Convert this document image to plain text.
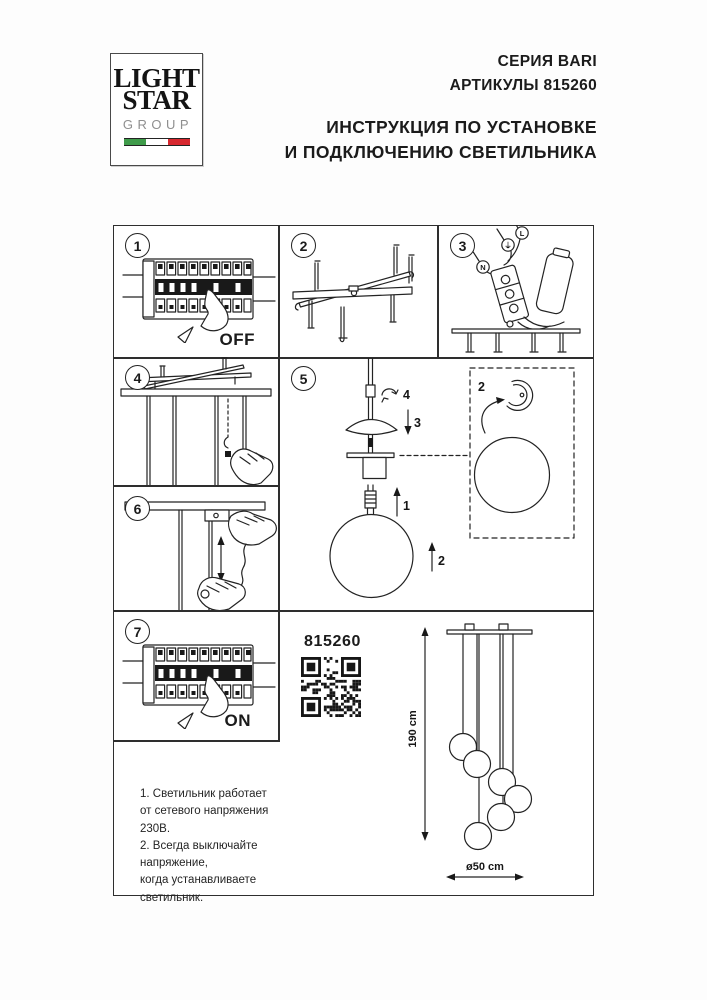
LIGHT
STAR
GROUP
СЕРИЯ BARI
АРТИКУЛЫ 815260
ИНСТРУКЦИЯ ПО УСТАНОВКЕ
И ПОДКЛЮЧЕНИЮ СВЕТИЛЬНИКА
1
OFF
2	3
N
⏚
L
4	5
4
3
1
2
2
6
7
ON
1. Светильник работает
от сетевого напряжения 230В.
2. Всегда выключайте напряжение,
когда устанавливаете светильник.
815260
190 cm
ø50 cm
